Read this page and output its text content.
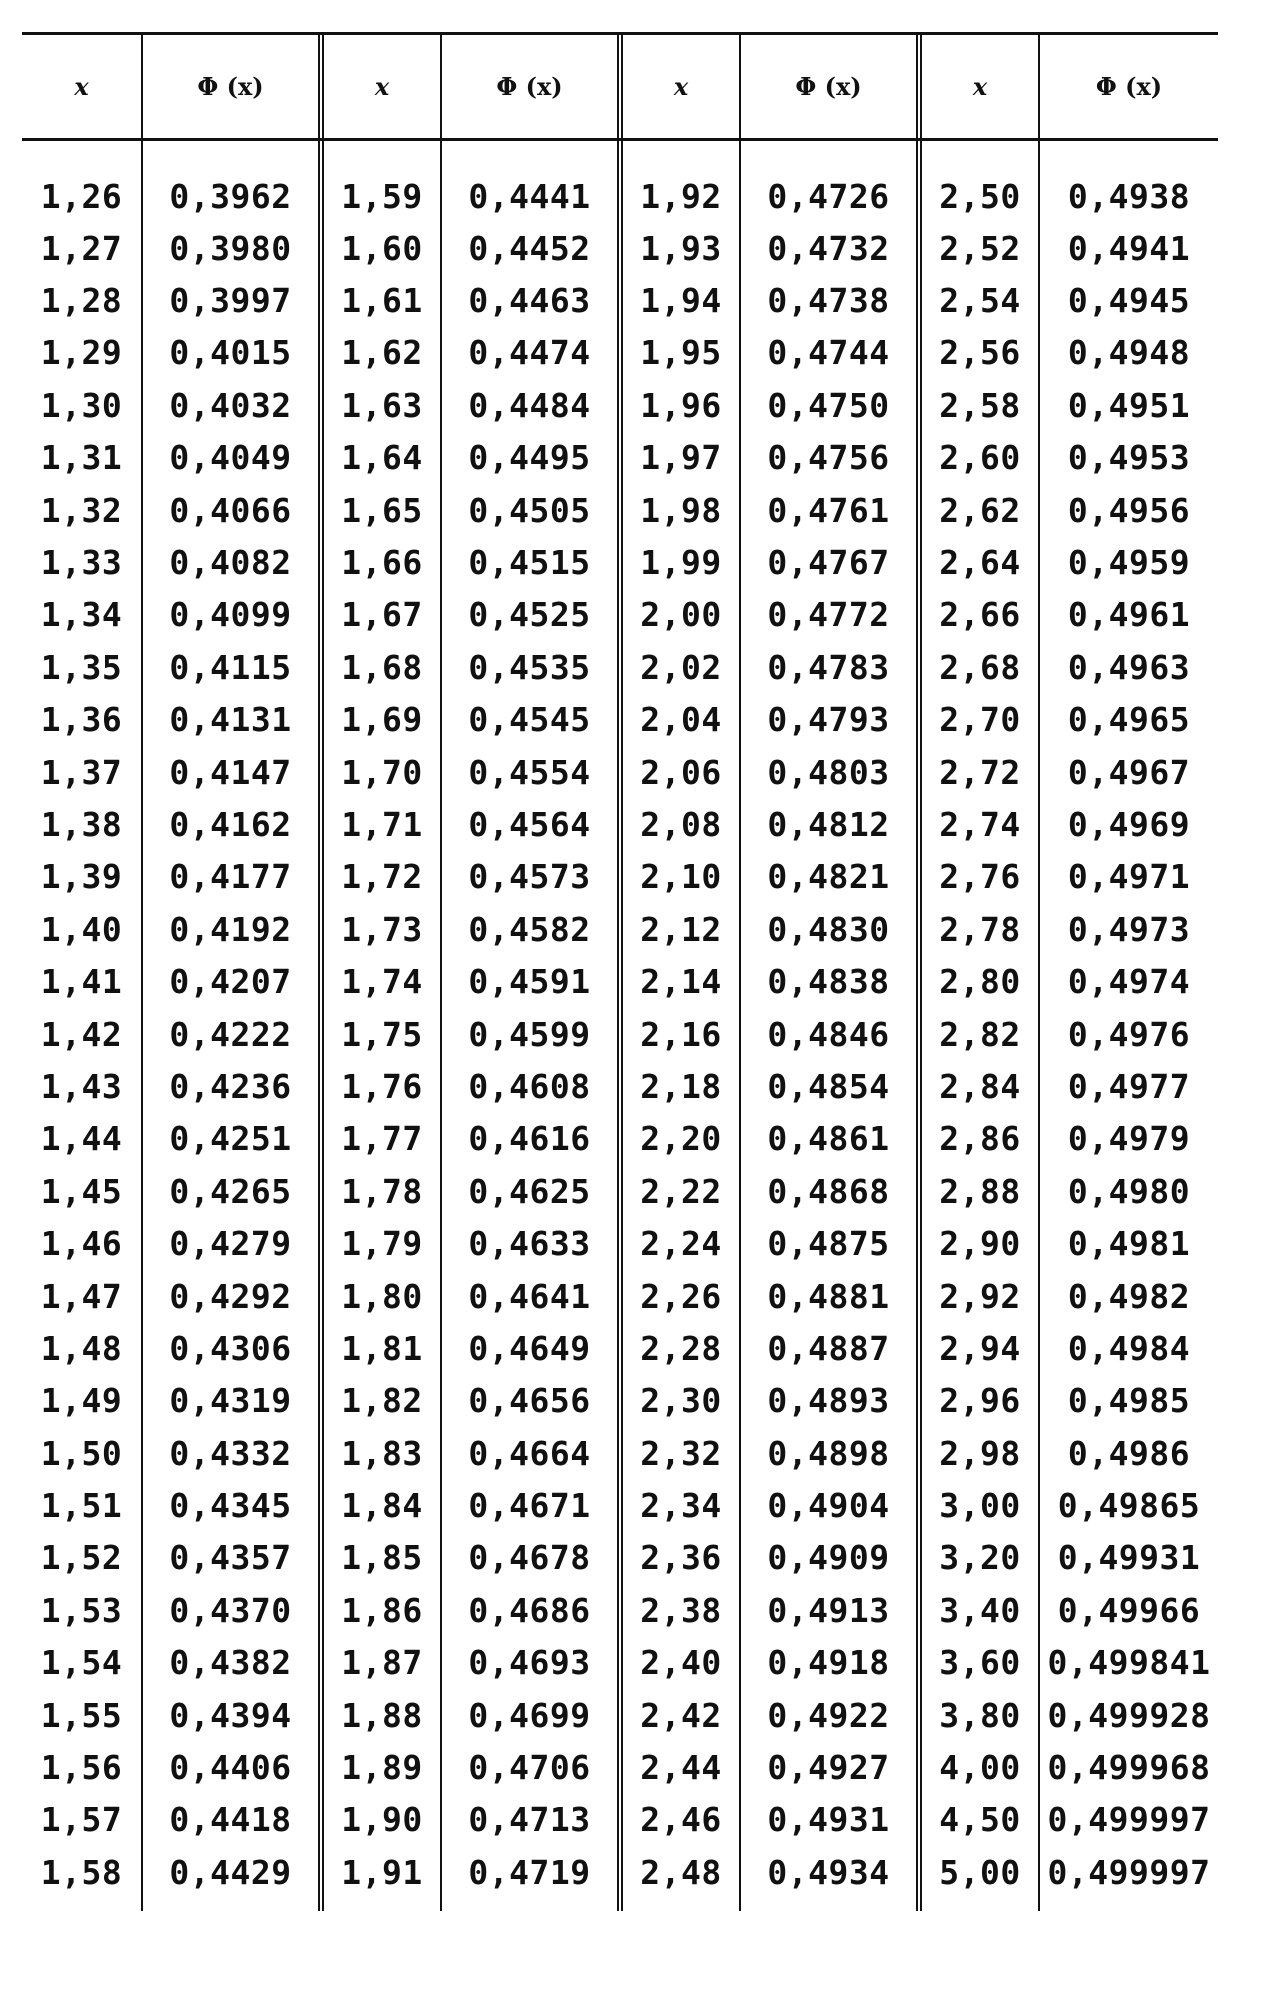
x	Φ (x)	x	Φ (x)	x	Φ (x)	x	Φ (x)
1,26	0,3962	1,59	0,4441	1,92	0,4726	2,50	0,4938
1,27	0,3980	1,60	0,4452	1,93	0,4732	2,52	0,4941
1,28	0,3997	1,61	0,4463	1,94	0,4738	2,54	0,4945
1,29	0,4015	1,62	0,4474	1,95	0,4744	2,56	0,4948
1,30	0,4032	1,63	0,4484	1,96	0,4750	2,58	0,4951
1,31	0,4049	1,64	0,4495	1,97	0,4756	2,60	0,4953
1,32	0,4066	1,65	0,4505	1,98	0,4761	2,62	0,4956
1,33	0,4082	1,66	0,4515	1,99	0,4767	2,64	0,4959
1,34	0,4099	1,67	0,4525	2,00	0,4772	2,66	0,4961
1,35	0,4115	1,68	0,4535	2,02	0,4783	2,68	0,4963
1,36	0,4131	1,69	0,4545	2,04	0,4793	2,70	0,4965
1,37	0,4147	1,70	0,4554	2,06	0,4803	2,72	0,4967
1,38	0,4162	1,71	0,4564	2,08	0,4812	2,74	0,4969
1,39	0,4177	1,72	0,4573	2,10	0,4821	2,76	0,4971
1,40	0,4192	1,73	0,4582	2,12	0,4830	2,78	0,4973
1,41	0,4207	1,74	0,4591	2,14	0,4838	2,80	0,4974
1,42	0,4222	1,75	0,4599	2,16	0,4846	2,82	0,4976
1,43	0,4236	1,76	0,4608	2,18	0,4854	2,84	0,4977
1,44	0,4251	1,77	0,4616	2,20	0,4861	2,86	0,4979
1,45	0,4265	1,78	0,4625	2,22	0,4868	2,88	0,4980
1,46	0,4279	1,79	0,4633	2,24	0,4875	2,90	0,4981
1,47	0,4292	1,80	0,4641	2,26	0,4881	2,92	0,4982
1,48	0,4306	1,81	0,4649	2,28	0,4887	2,94	0,4984
1,49	0,4319	1,82	0,4656	2,30	0,4893	2,96	0,4985
1,50	0,4332	1,83	0,4664	2,32	0,4898	2,98	0,4986
1,51	0,4345	1,84	0,4671	2,34	0,4904	3,00	0,49865
1,52	0,4357	1,85	0,4678	2,36	0,4909	3,20	0,49931
1,53	0,4370	1,86	0,4686	2,38	0,4913	3,40	0,49966
1,54	0,4382	1,87	0,4693	2,40	0,4918	3,60	0,499841
1,55	0,4394	1,88	0,4699	2,42	0,4922	3,80	0,499928
1,56	0,4406	1,89	0,4706	2,44	0,4927	4,00	0,499968
1,57	0,4418	1,90	0,4713	2,46	0,4931	4,50	0,499997
1,58	0,4429	1,91	0,4719	2,48	0,4934	5,00	0,499997
